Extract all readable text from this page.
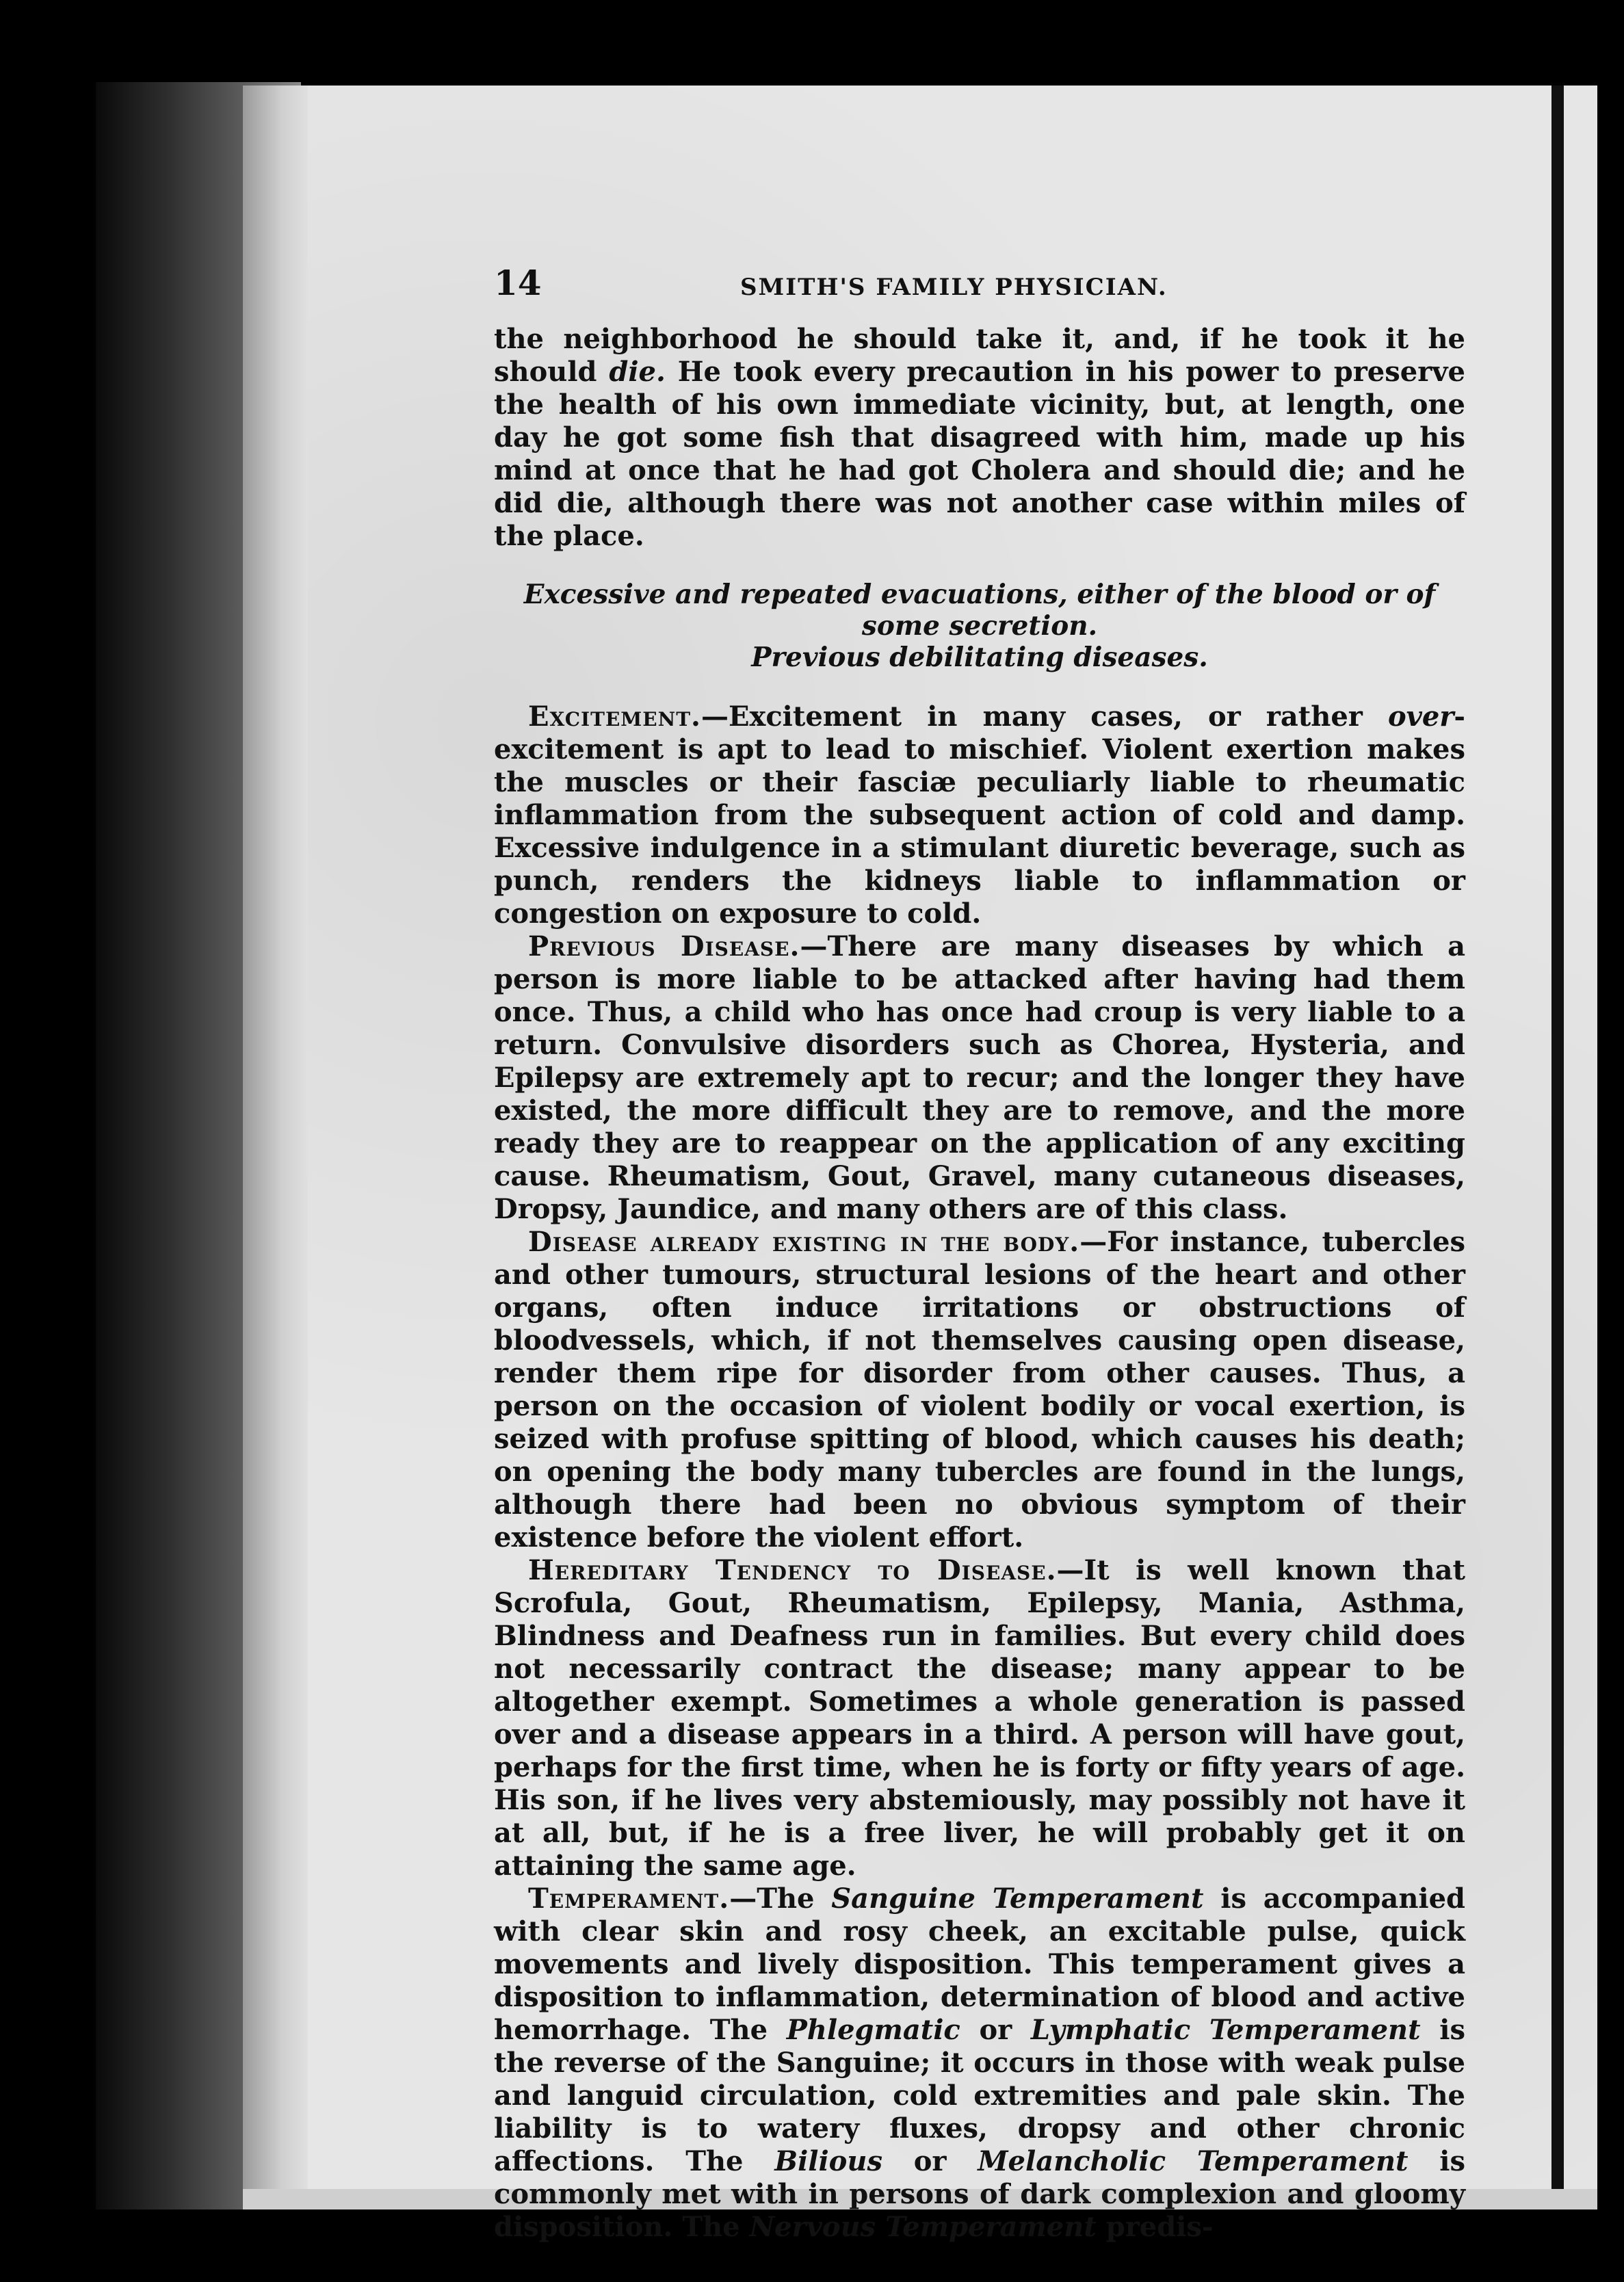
14	SMITH'S FAMILY PHYSICIAN.

the neighborhood he should take it, and, if he took it he should die. He took every precaution in his power to preserve the health of his own immediate vicinity, but, at length, one day he got some fish that disagreed with him, made up his mind at once that he had got Cholera and should die; and he did die, although there was not another case within miles of the place.

Excessive and repeated evacuations, either of the blood or of some secretion.
Previous debilitating diseases.

Excitement.—Excitement in many cases, or rather over-excitement is apt to lead to mischief. Violent exertion makes the muscles or their fasciæ peculiarly liable to rheumatic inflammation from the subsequent action of cold and damp. Excessive indulgence in a stimulant diuretic beverage, such as punch, renders the kidneys liable to inflammation or congestion on exposure to cold.

Previous Disease.—There are many diseases by which a person is more liable to be attacked after having had them once. Thus, a child who has once had croup is very liable to a return. Convulsive disorders such as Chorea, Hysteria, and Epilepsy are extremely apt to recur; and the longer they have existed, the more difficult they are to remove, and the more ready they are to reappear on the application of any exciting cause. Rheumatism, Gout, Gravel, many cutaneous diseases, Dropsy, Jaundice, and many others are of this class.

Disease already existing in the body.—For instance, tubercles and other tumours, structural lesions of the heart and other organs, often induce irritations or obstructions of bloodvessels, which, if not themselves causing open disease, render them ripe for disorder from other causes. Thus, a person on the occasion of violent bodily or vocal exertion, is seized with profuse spitting of blood, which causes his death; on opening the body many tubercles are found in the lungs, although there had been no obvious symptom of their existence before the violent effort.

Hereditary Tendency to Disease.—It is well known that Scrofula, Gout, Rheumatism, Epilepsy, Mania, Asthma, Blindness and Deafness run in families. But every child does not necessarily contract the disease; many appear to be altogether exempt. Sometimes a whole generation is passed over and a disease appears in a third. A person will have gout, perhaps for the first time, when he is forty or fifty years of age. His son, if he lives very abstemiously, may possibly not have it at all, but, if he is a free liver, he will probably get it on attaining the same age.

Temperament.—The Sanguine Temperament is accompanied with clear skin and rosy cheek, an excitable pulse, quick movements and lively disposition. This temperament gives a disposition to inflammation, determination of blood and active hemorrhage. The Phlegmatic or Lymphatic Temperament is the reverse of the Sanguine; it occurs in those with weak pulse and languid circulation, cold extremities and pale skin. The liability is to watery fluxes, dropsy and other chronic affections. The Bilious or Melancholic Temperament is commonly met with in persons of dark complexion and gloomy disposition. The Nervous Temperament predis-
